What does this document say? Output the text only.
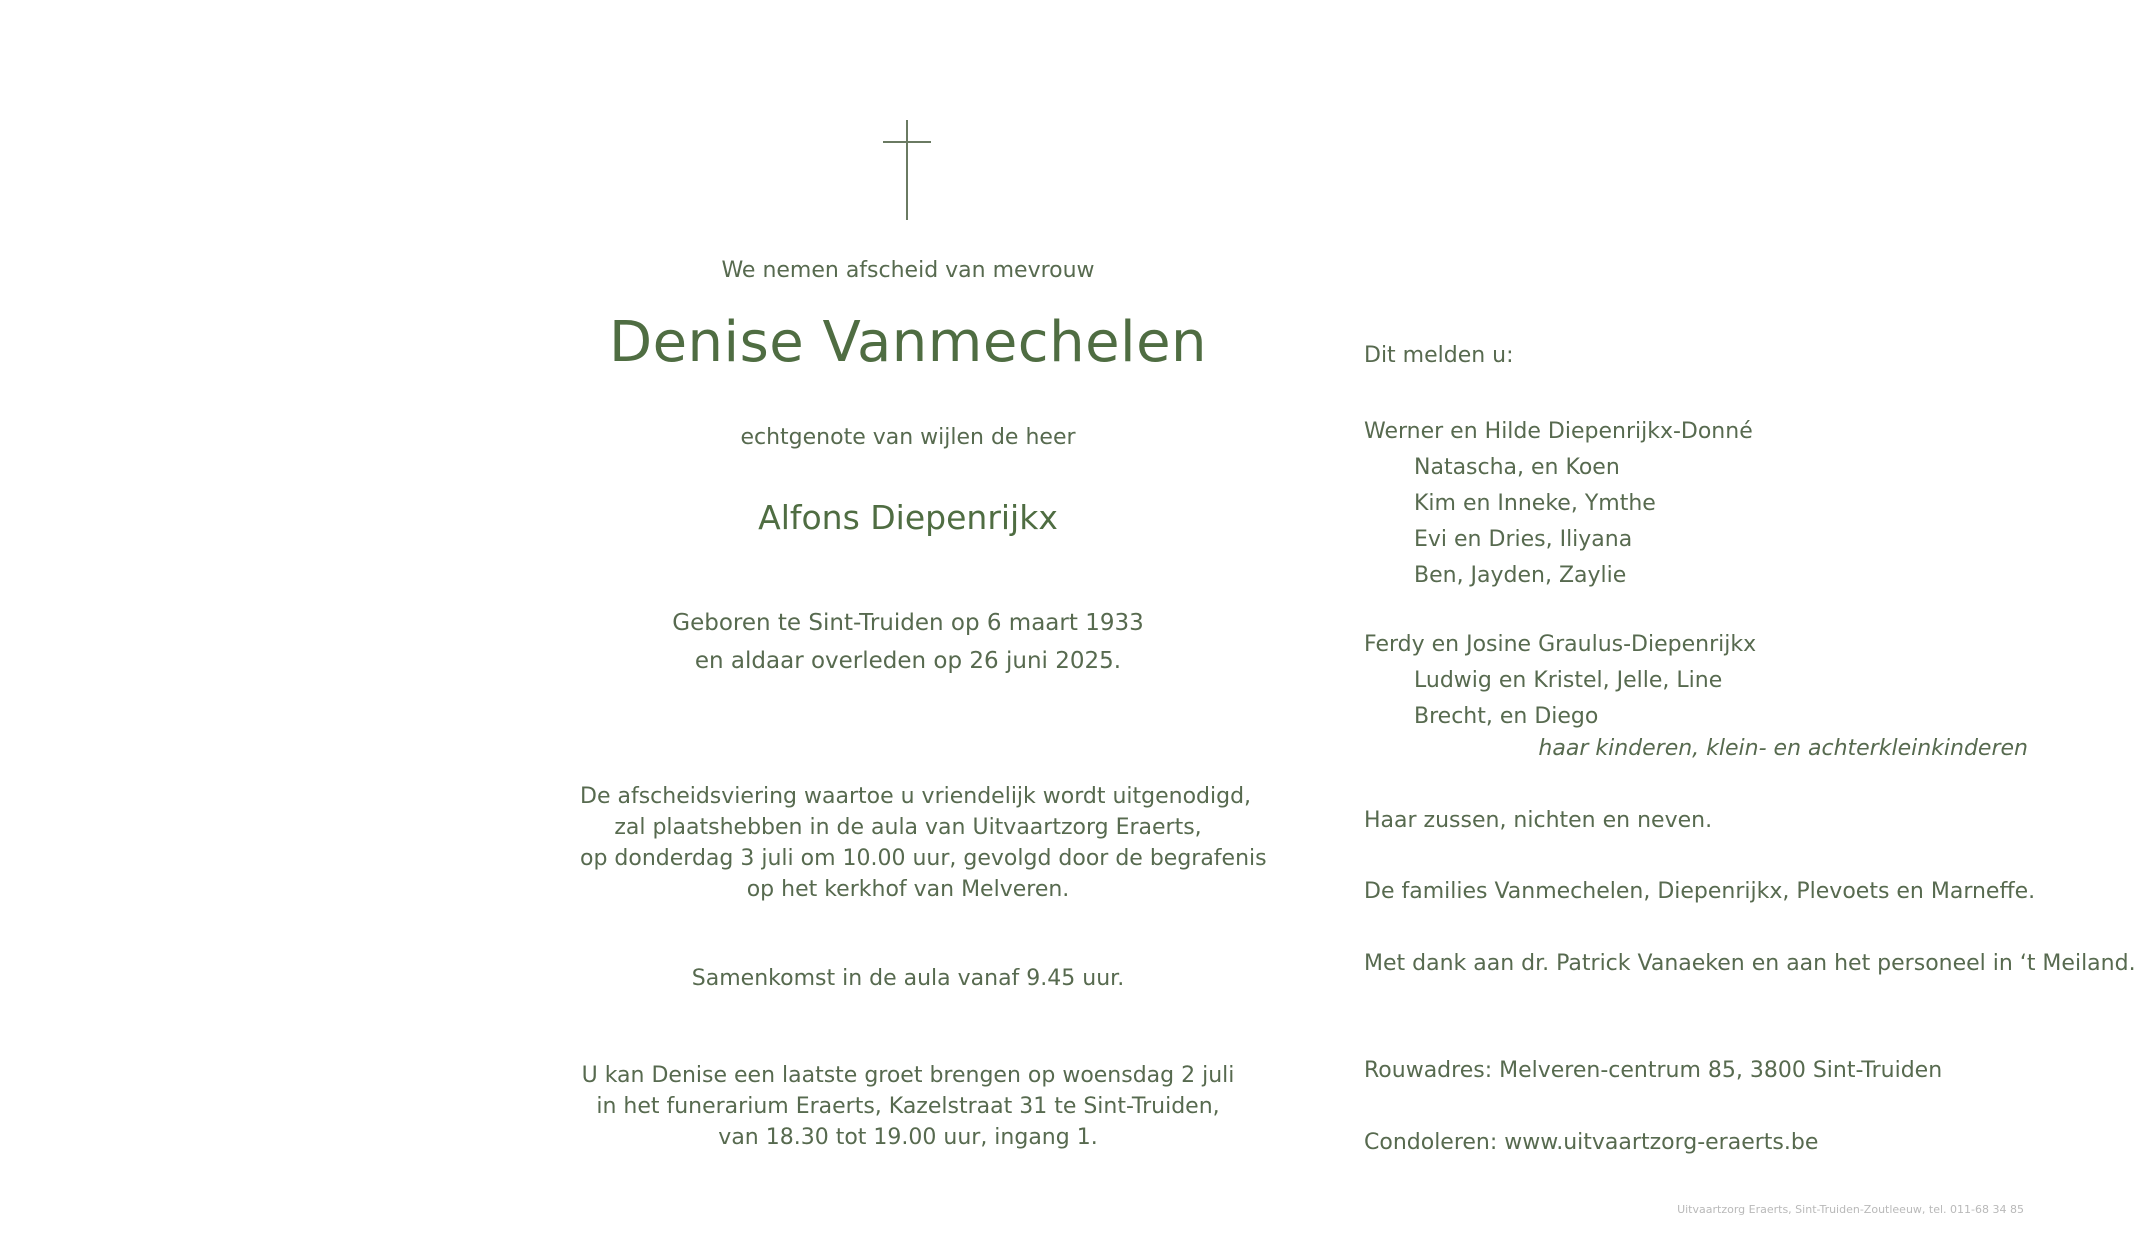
We nemen afscheid van mevrouw
Denise Vanmechelen
echtgenote van wijlen de heer
Alfons Diepenrijkx
Geboren te Sint-Truiden op 6 maart 1933
en aldaar overleden op 26 juni 2025.
De afscheidsviering waartoe u vriendelijk wordt uitgenodigd,
zal plaatshebben in de aula van Uitvaartzorg Eraerts,
op donderdag 3 juli om 10.00 uur, gevolgd door de begrafenis
op het kerkhof van Melveren.
Samenkomst in de aula vanaf 9.45 uur.
U kan Denise een laatste groet brengen op woensdag 2 juli
in het funerarium Eraerts, Kazelstraat 31 te Sint-Truiden,
van 18.30 tot 19.00 uur, ingang 1.
Dit melden u:
Werner en Hilde Diepenrijkx-Donné
Natascha, en Koen
Kim en Inneke, Ymthe
Evi en Dries, Iliyana
Ben, Jayden, Zaylie
Ferdy en Josine Graulus-Diepenrijkx
Ludwig en Kristel, Jelle, Line
Brecht, en Diego
haar kinderen, klein- en achterkleinkinderen
Haar zussen, nichten en neven.
De families Vanmechelen, Diepenrijkx, Plevoets en Marneffe.
Met dank aan dr. Patrick Vanaeken en aan het personeel in ‘t Meiland.
Rouwadres: Melveren-centrum 85, 3800 Sint-Truiden
Condoleren: www.uitvaartzorg-eraerts.be
Uitvaartzorg Eraerts, Sint-Truiden-Zoutleeuw, tel. 011-68 34 85
